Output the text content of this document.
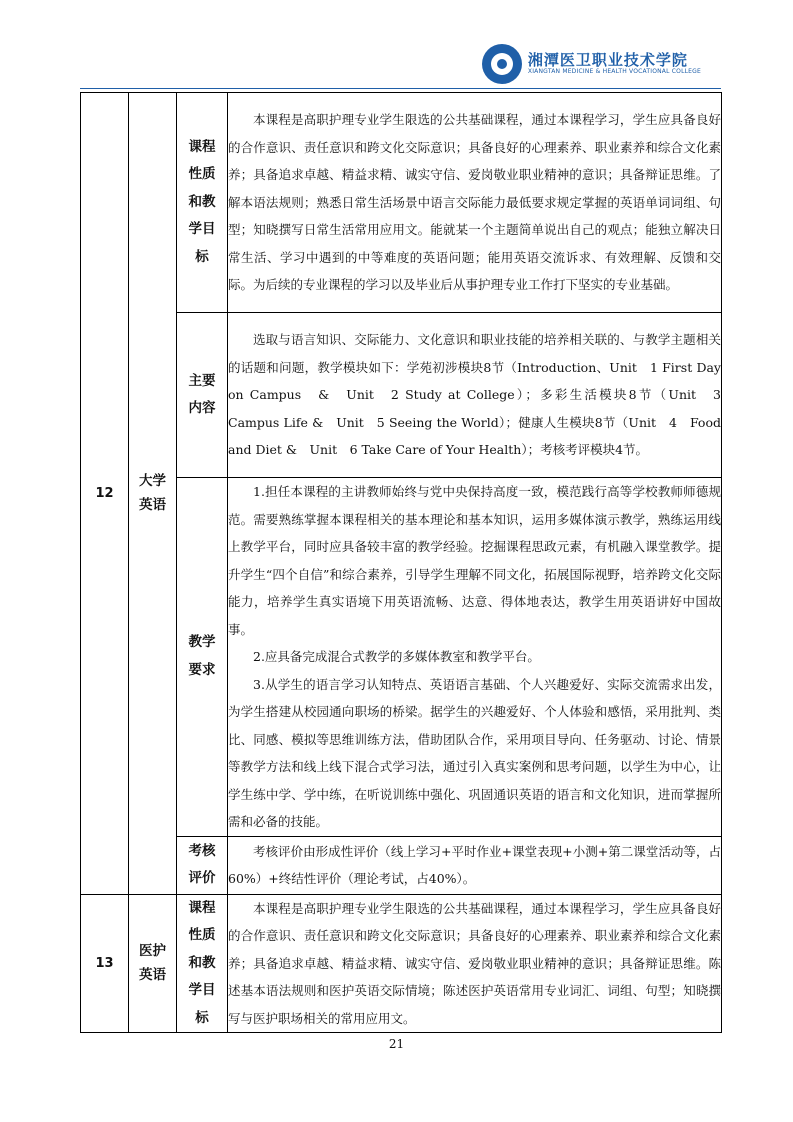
湘潭医卫职业技术学院
XIANGTAN MEDICINE & HEALTH VOCATIONAL COLLEGE
12	大学英语	课程性质和教学目标	本课程是高职护理专业学生限选的公共基础课程，通过本课程学习，学生应具备良好的合作意识、责任意识和跨文化交际意识；具备良好的心理素养、职业素养和综合文化素养；具备追求卓越、精益求精、诚实守信、爱岗敬业职业精神的意识；具备辩证思维。了解本语法规则；熟悉日常生活场景中语言交际能力最低要求规定掌握的英语单词词组、句型；知晓撰写日常生活常用应用文。能就某一个主题简单说出自己的观点；能独立解决日常生活、学习中遇到的中等难度的英语问题；能用英语交流诉求、有效理解、反馈和交际。为后续的专业课程的学习以及毕业后从事护理专业工作打下坚实的专业基础。

		主要内容	选取与语言知识、交际能力、文化意识和职业技能的培养相关联的、与教学主题相关的话题和问题，教学模块如下：学苑初涉模块8节（Introduction、Unit　1 First Day on Campus　&　Unit　2 Study at College）；多彩生活模块8节（Unit　3　Campus Life &　Unit　5 Seeing the World）；健康人生模块8节（Unit　4　Food and Diet &　Unit　6 Take Care of Your Health）；考核考评模块4节。

		教学要求	1.担任本课程的主讲教师始终与党中央保持高度一致，模范践行高等学校教师师德规范。需要熟练掌握本课程相关的基本理论和基本知识，运用多媒体演示教学，熟练运用线上教学平台，同时应具备较丰富的教学经验。挖掘课程思政元素，有机融入课堂教学。提升学生“四个自信”和综合素养，引导学生理解不同文化，拓展国际视野，培养跨文化交际能力，培养学生真实语境下用英语流畅、达意、得体地表达，教学生用英语讲好中国故事。

2.应具备完成混合式教学的多媒体教室和教学平台。

3.从学生的语言学习认知特点、英语语言基础、个人兴趣爱好、实际交流需求出发，为学生搭建从校园通向职场的桥梁。据学生的兴趣爱好、个人体验和感悟，采用批判、类比、同感、模拟等思维训练方法，借助团队合作，采用项目导向、任务驱动、讨论、情景等教学方法和线上线下混合式学习法，通过引入真实案例和思考问题，以学生为中心，让学生练中学、学中练，在听说训练中强化、巩固通识英语的语言和文化知识，进而掌握所需和必备的技能。

		考核评价	考核评价由形成性评价（线上学习+平时作业+课堂表现+小测+第二课堂活动等，占60%）+终结性评价（理论考试，占40%）。

13	医护英语	课程性质和教学目标	本课程是高职护理专业学生限选的公共基础课程，通过本课程学习，学生应具备良好的合作意识、责任意识和跨文化交际意识；具备良好的心理素养、职业素养和综合文化素养；具备追求卓越、精益求精、诚实守信、爱岗敬业职业精神的意识；具备辩证思维。陈述基本语法规则和医护英语交际情境；陈述医护英语常用专业词汇、词组、句型；知晓撰写与医护职场相关的常用应用文。

21
